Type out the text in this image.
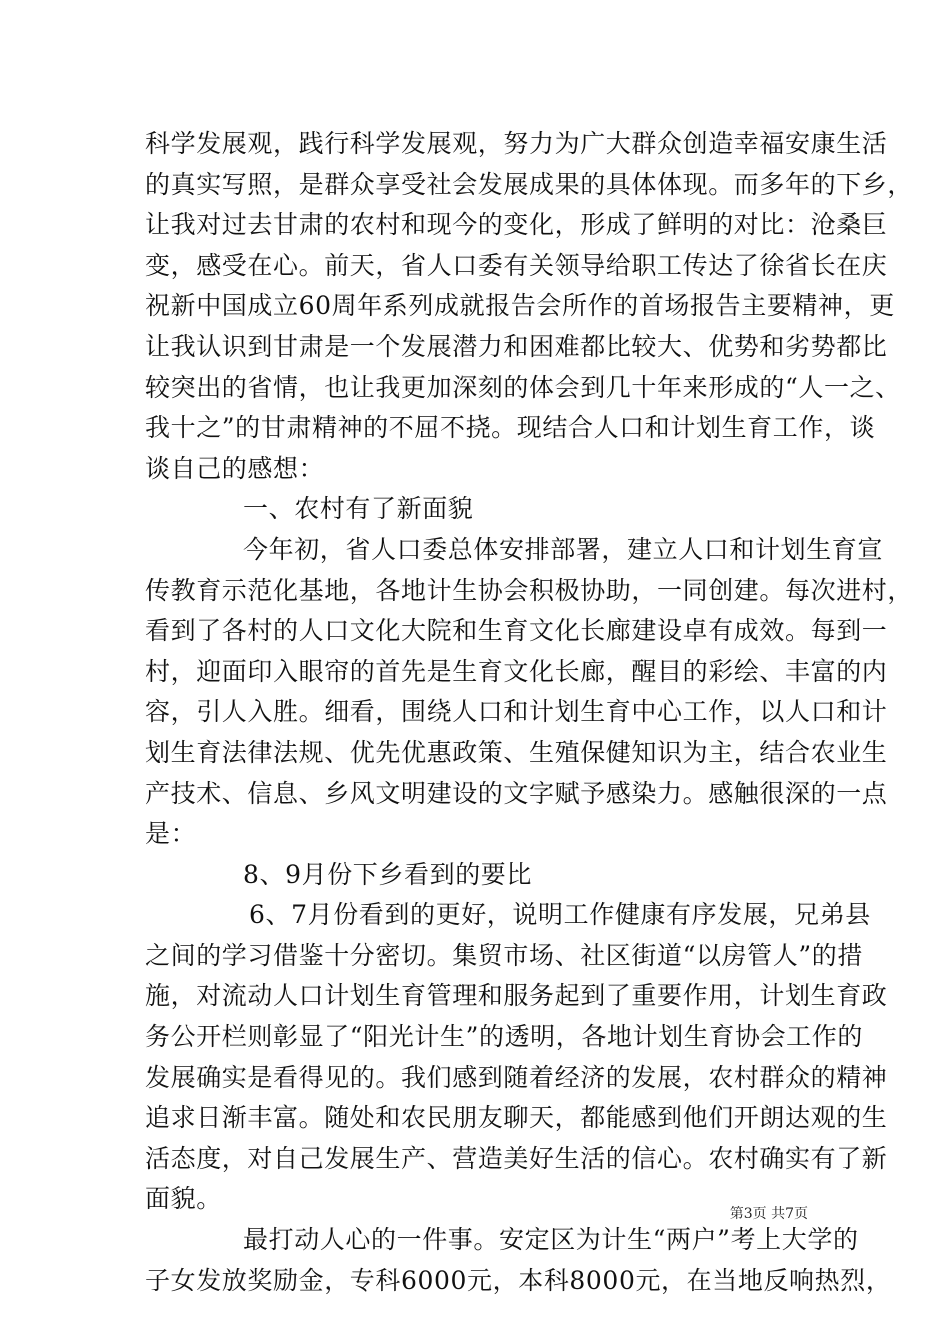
科学发展观，践行科学发展观，努力为广大群众创造幸福安康生活
的真实写照，是群众享受社会发展成果的具体体现。而多年的下乡，
让我对过去甘肃的农村和现今的变化，形成了鲜明的对比：沧桑巨
变，感受在心。前天，省人口委有关领导给职工传达了徐省长在庆
祝新中国成立60周年系列成就报告会所作的首场报告主要精神，更
让我认识到甘肃是一个发展潜力和困难都比较大、优势和劣势都比
较突出的省情，也让我更加深刻的体会到几十年来形成的“人一之、
我十之”的甘肃精神的不屈不挠。现结合人口和计划生育工作，谈
谈自己的感想：
一、农村有了新面貌
今年初，省人口委总体安排部署，建立人口和计划生育宣
传教育示范化基地，各地计生协会积极协助，一同创建。每次进村，
看到了各村的人口文化大院和生育文化长廊建设卓有成效。每到一
村，迎面印入眼帘的首先是生育文化长廊，醒目的彩绘、丰富的内
容，引人入胜。细看，围绕人口和计划生育中心工作，以人口和计
划生育法律法规、优先优惠政策、生殖保健知识为主，结合农业生
产技术、信息、乡风文明建设的文字赋予感染力。感触很深的一点
是：
8、9月份下乡看到的要比
6、7月份看到的更好，说明工作健康有序发展，兄弟县
之间的学习借鉴十分密切。集贸市场、社区街道“以房管人”的措
施，对流动人口计划生育管理和服务起到了重要作用，计划生育政
务公开栏则彰显了“阳光计生”的透明，各地计划生育协会工作的
发展确实是看得见的。我们感到随着经济的发展，农村群众的精神
追求日渐丰富。随处和农民朋友聊天，都能感到他们开朗达观的生
活态度，对自己发展生产、营造美好生活的信心。农村确实有了新
面貌。
最打动人心的一件事。安定区为计生“两户”考上大学的
子女发放奖励金，专科6000元，本科8000元，在当地反响热烈，
第3页 共7页
